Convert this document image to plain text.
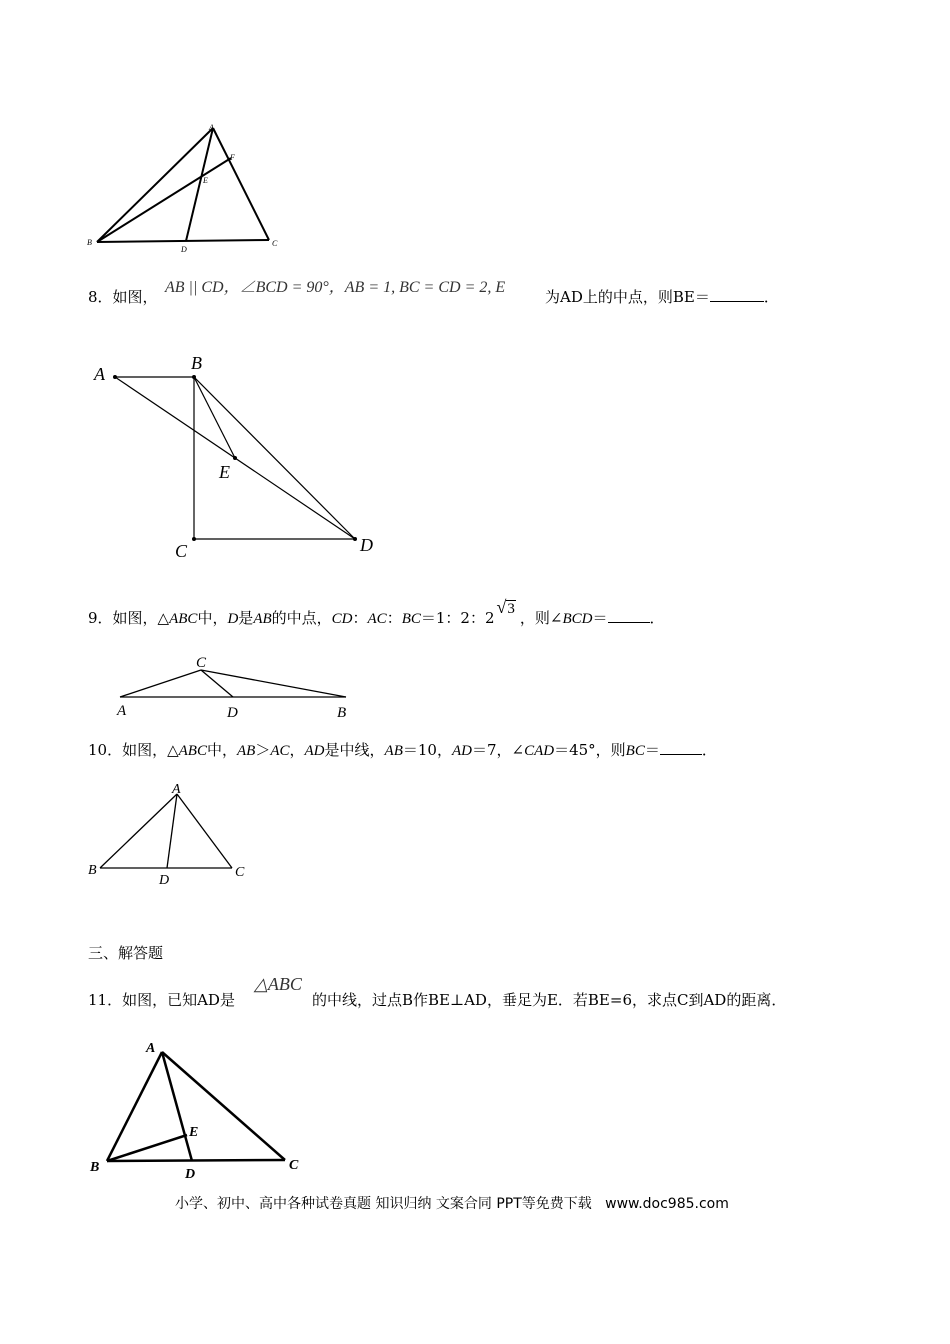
A
F
E
B
D
C
8．如图，
AB || CD，∠BCD = 90°，AB = 1, BC = CD = 2, E
为AD上的中点，则BE＝	．
A
B
E
C	D
9．如图，△ABC中，D是AB的中点，CD：AC：BC＝1：2：2√3 ，则∠BCD＝	．
C
A	D	B
10．如图，△ABC中，AB＞AC，AD是中线，AB＝10，AD＝7，∠CAD＝45°，则BC＝	．
A
B
D
C
三、解答题
11．如图，已知AD是
△ABC
的中线，过点B作BE⊥AD，垂足为E．若BE=6，求点C到AD的距离．
A
E
B	D
C
小学、初中、高中各种试卷真题 知识归纳 文案合同 PPT等免费下载   www.doc985.com
